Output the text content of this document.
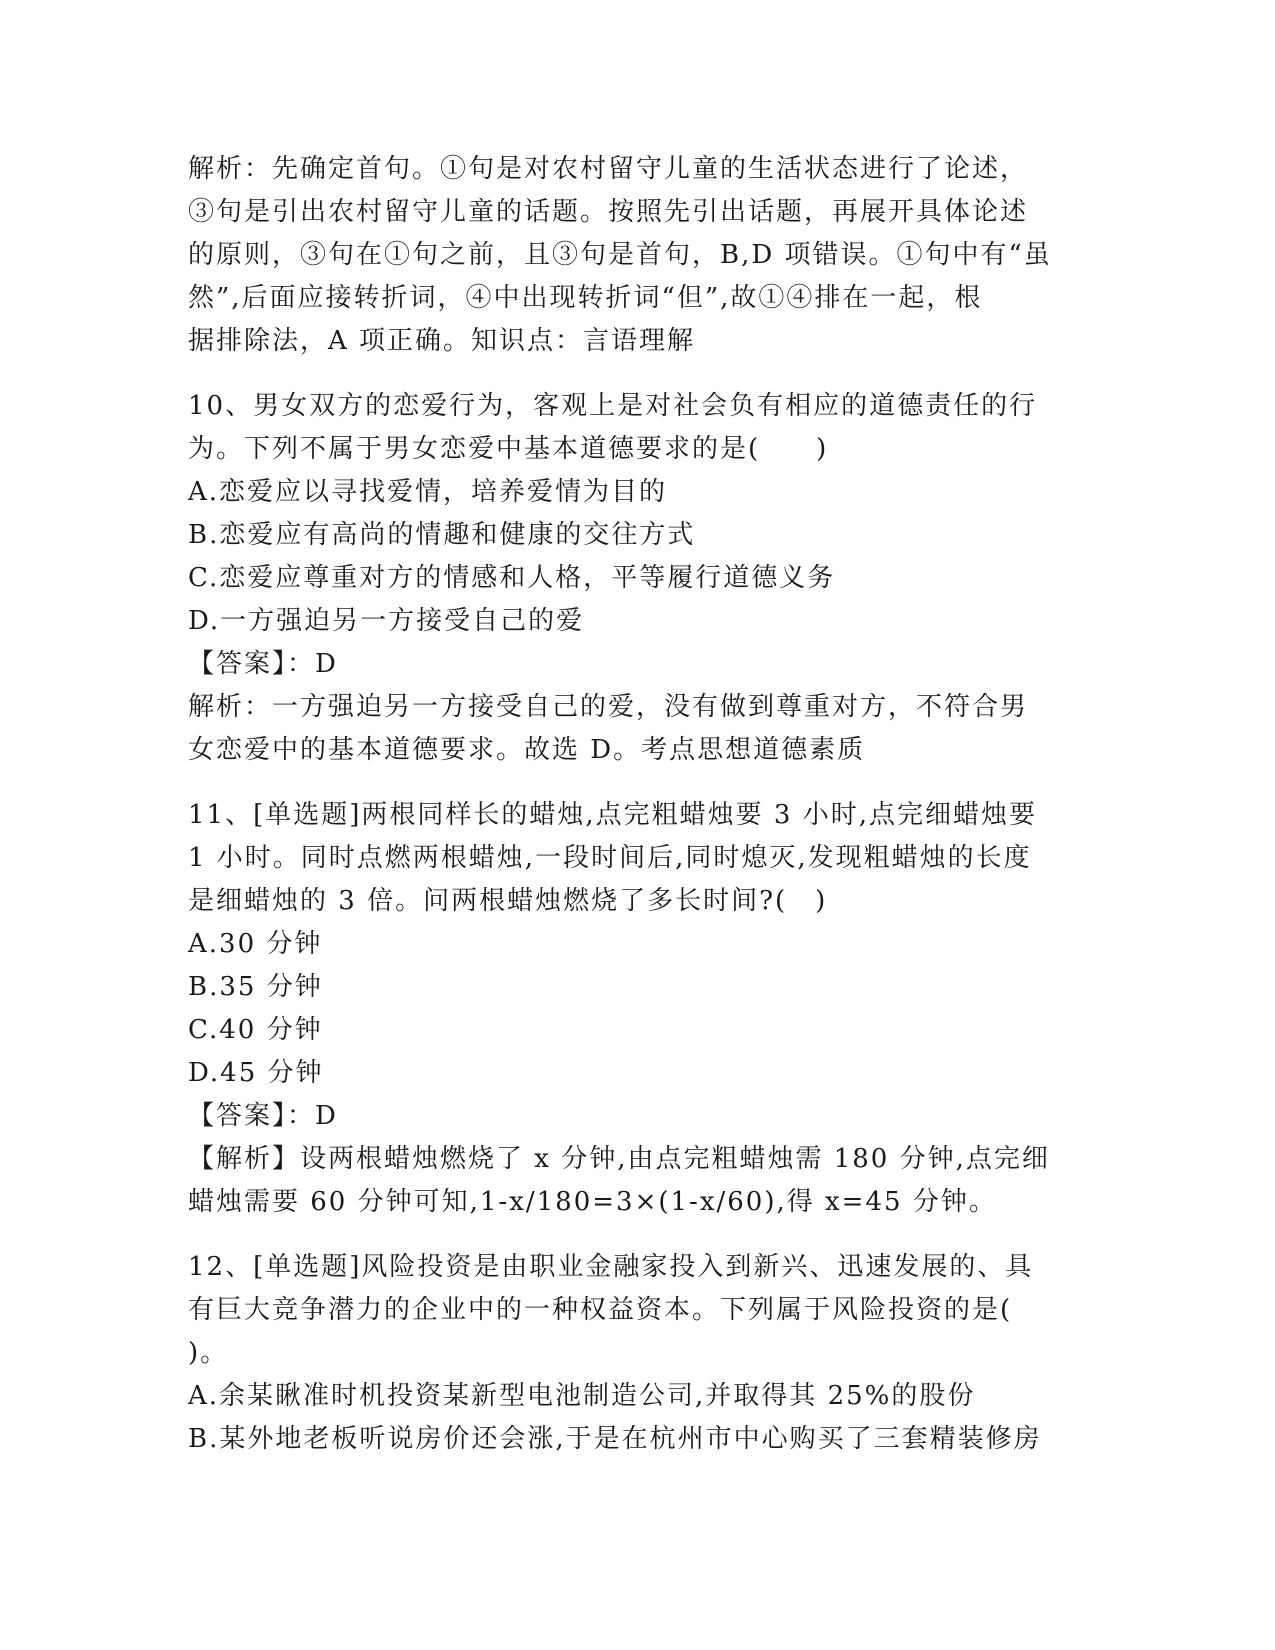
解析：先确定首句。①句是对农村留守儿童的生活状态进行了论述，
③句是引出农村留守儿童的话题。按照先引出话题，再展开具体论述
的原则，③句在①句之前，且③句是首句，B,D 项错误。①句中有“虽
然”,后面应接转折词，④中出现转折词“但”,故①④排在一起，根
据排除法，A 项正确。知识点：言语理解
10、男女双方的恋爱行为，客观上是对社会负有相应的道德责任的行
为。下列不属于男女恋爱中基本道德要求的是(　　)
A.恋爱应以寻找爱情，培养爱情为目的
B.恋爱应有高尚的情趣和健康的交往方式
C.恋爱应尊重对方的情感和人格，平等履行道德义务
D.一方强迫另一方接受自己的爱
【答案】：D
解析：一方强迫另一方接受自己的爱，没有做到尊重对方，不符合男
女恋爱中的基本道德要求。故选 D。考点思想道德素质
11、[单选题]两根同样长的蜡烛,点完粗蜡烛要 3 小时,点完细蜡烛要
1 小时。同时点燃两根蜡烛,一段时间后,同时熄灭,发现粗蜡烛的长度
是细蜡烛的 3 倍。问两根蜡烛燃烧了多长时间?(　)
A.30 分钟
B.35 分钟
C.40 分钟
D.45 分钟
【答案】：D
【解析】设两根蜡烛燃烧了 x 分钟,由点完粗蜡烛需 180 分钟,点完细
蜡烛需要 60 分钟可知,1-x/180=3×(1-x/60),得 x=45 分钟。
12、[单选题]风险投资是由职业金融家投入到新兴、迅速发展的、具
有巨大竞争潜力的企业中的一种权益资本。下列属于风险投资的是(
)。
A.余某瞅准时机投资某新型电池制造公司,并取得其 25%的股份
B.某外地老板听说房价还会涨,于是在杭州市中心购买了三套精装修房
